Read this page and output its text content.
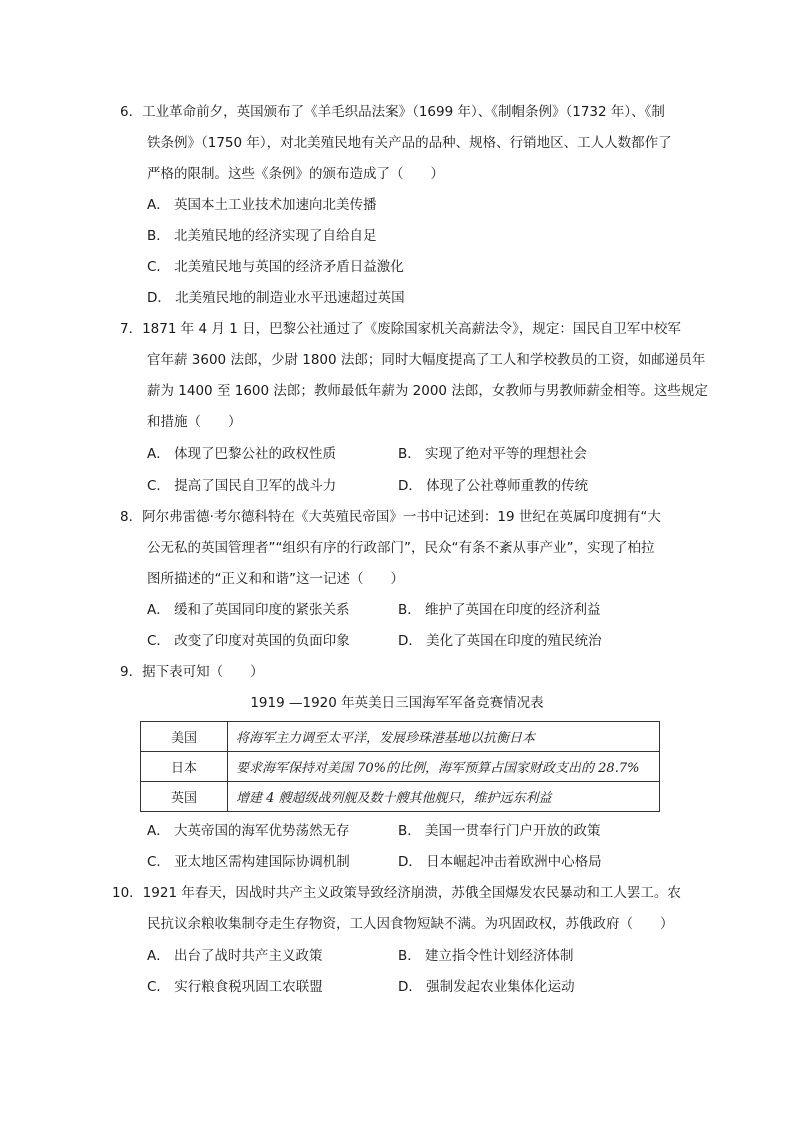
6．工业革命前夕，英国颁布了《羊毛织品法案》（1699 年）、《制帽条例》（1732 年）、《制
铁条例》（1750 年），对北美殖民地有关产品的品种、规格、行销地区、工人人数都作了
严格的限制。这些《条例》的颁布造成了（　　）
A． 英国本土工业技术加速向北美传播
B． 北美殖民地的经济实现了自给自足
C． 北美殖民地与英国的经济矛盾日益激化
D． 北美殖民地的制造业水平迅速超过英国
7．1871 年 4 月 1 日，巴黎公社通过了《废除国家机关高薪法令》，规定：国民自卫军中校军
官年薪 3600 法郎，少尉 1800 法郎；同时大幅度提高了工人和学校教员的工资，如邮递员年
薪为 1400 至 1600 法郎；教师最低年薪为 2000 法郎，女教师与男教师薪金相等。这些规定
和措施（　　）
A． 体现了巴黎公社的政权性质	B． 实现了绝对平等的理想社会
C． 提高了国民自卫军的战斗力	D． 体现了公社尊师重教的传统
8．阿尔弗雷德·考尔德科特在《大英殖民帝国》一书中记述到：19 世纪在英属印度拥有“大
公无私的英国管理者”“组织有序的行政部门”，民众“有条不紊从事产业”，实现了柏拉
图所描述的“正义和和谐”这一记述（　　）
A． 缓和了英国同印度的紧张关系	B． 维护了英国在印度的经济利益
C． 改变了印度对英国的负面印象	D． 美化了英国在印度的殖民统治
9．据下表可知（　　）
1919 —1920 年英美日三国海军军备竞赛情况表
美国	将海军主力调至太平洋，发展珍珠港基地以抗衡日本
日本	要求海军保持对美国 70%的比例，海军预算占国家财政支出的 28.7%
英国	增建 4 艘超级战列舰及数十艘其他舰只，维护远东利益
A． 大英帝国的海军优势荡然无存	B． 美国一贯奉行门户开放的政策
C． 亚太地区需构建国际协调机制	D． 日本崛起冲击着欧洲中心格局
10．1921 年春天，因战时共产主义政策导致经济崩溃，苏俄全国爆发农民暴动和工人罢工。农
民抗议余粮收集制夺走生存物资，工人因食物短缺不满。为巩固政权，苏俄政府（　　）
A． 出台了战时共产主义政策	B． 建立指令性计划经济体制
C． 实行粮食税巩固工农联盟	D． 强制发起农业集体化运动
